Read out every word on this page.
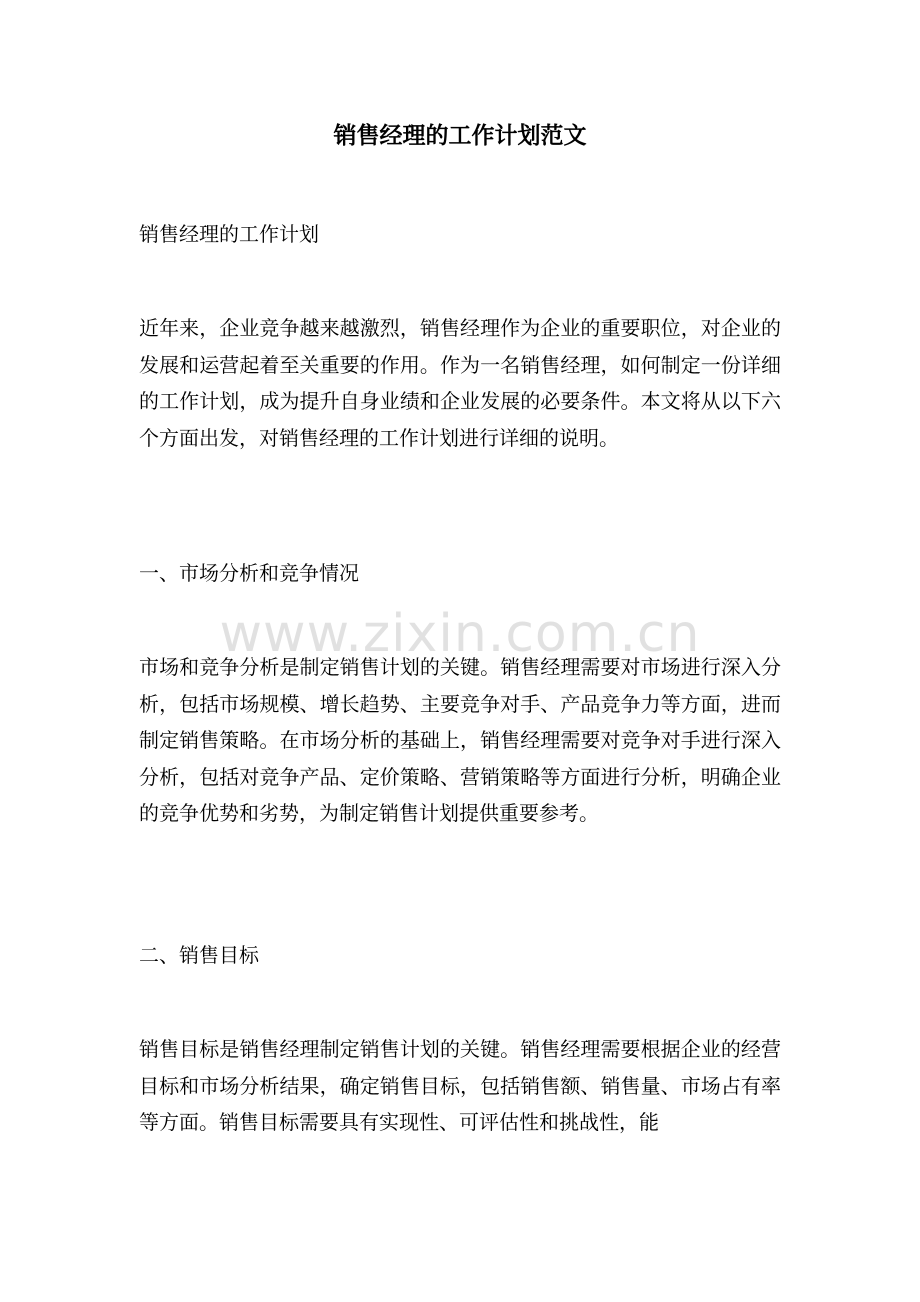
销售经理的工作计划范文

销售经理的工作计划

近年来，企业竞争越来越激烈，销售经理作为企业的重要职位，对企业的发展和运营起着至关重要的作用。作为一名销售经理，如何制定一份详细的工作计划，成为提升自身业绩和企业发展的必要条件。本文将从以下六个方面出发，对销售经理的工作计划进行详细的说明。

一、市场分析和竞争情况

市场和竞争分析是制定销售计划的关键。销售经理需要对市场进行深入分析，包括市场规模、增长趋势、主要竞争对手、产品竞争力等方面，进而制定销售策略。在市场分析的基础上，销售经理需要对竞争对手进行深入分析，包括对竞争产品、定价策略、营销策略等方面进行分析，明确企业的竞争优势和劣势，为制定销售计划提供重要参考。

二、销售目标

销售目标是销售经理制定销售计划的关键。销售经理需要根据企业的经营目标和市场分析结果，确定销售目标，包括销售额、销售量、市场占有率等方面。销售目标需要具有实现性、可评估性和挑战性，能

www.zixin.com.cn
